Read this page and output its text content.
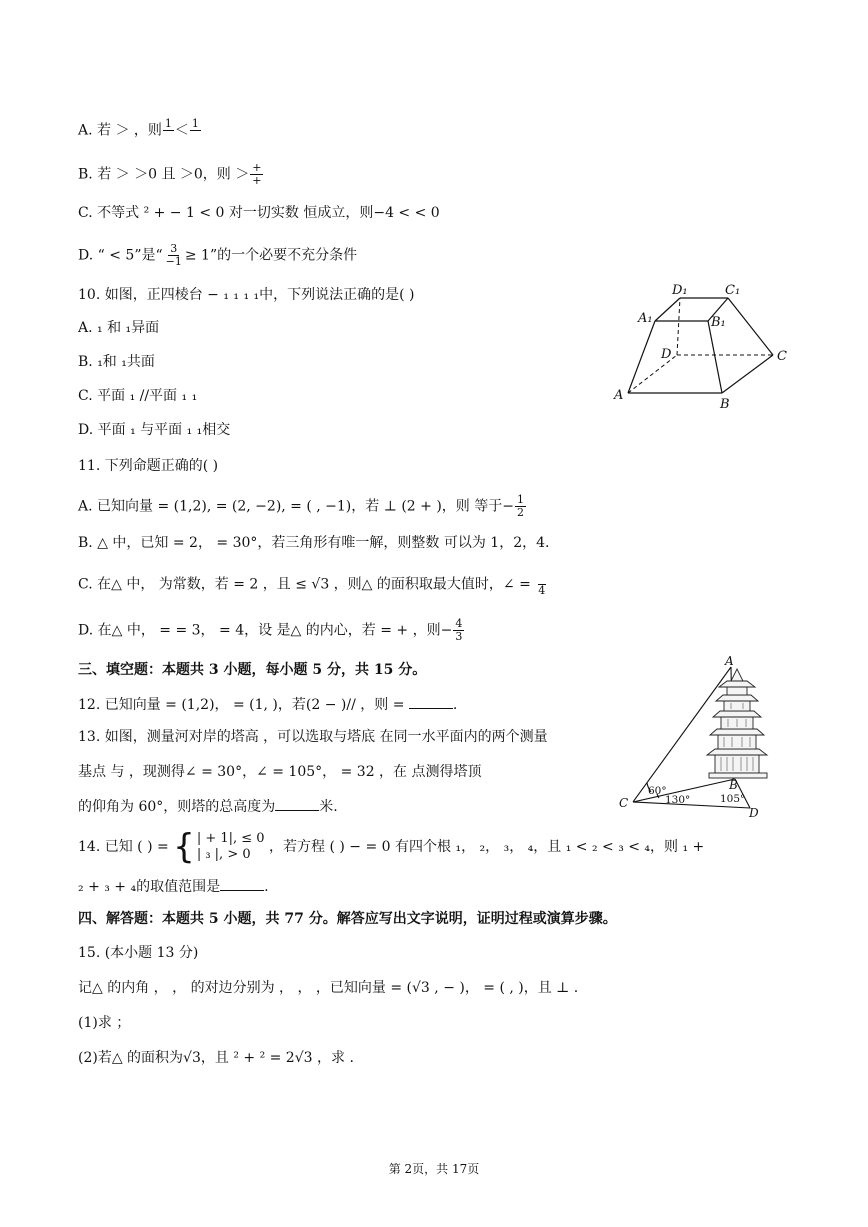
A. 若 ＞ ，则 1
＜ 1

B. 若 ＞ ＞0 且 ＞0，则 ＞ +
+
C. 不等式 ² + − 1 < 0 对一切实数 恒成立，则−4 < < 0
D. “ < 5”是“ $\frac{3}{-1} \ge 1$”的一个必要不充分条件
10. 如图，正四棱台 − ₁ ₁ ₁ ₁中，下列说法正确的是( )
A. ₁ 和 ₁异面
B. ₁和 ₁共面
C. 平面 ₁ //平面 ₁ ₁
D. 平面 ₁ 与平面 ₁ ₁相交
D₁	C₁
A₁	B₁
D	C
A
B
11. 下列命题正确的( )
A. 已知向量 = (1,2), = (2, −2), = ( , −1)，若 ⊥ (2 + )，则 等于− $\frac{1}{2}$
B. △ 中，已知 = 2， = 30°，若三角形有唯一解，则整数 可以为 1，2，4.
C. 在△ 中， 为常数，若 = 2 ，且 ≤ √3 ，则△ 的面积取最大值时，∠ =
4
D. 在△ 中， = = 3， = 4，设 是△ 的内心，若 = + ，则− $\frac{4}{3}$
三、填空题：本题共 3 小题，每小题 5 分，共 15 分。
12. 已知向量 = (1,2)， = (1, )，若(2 − )// ，则 =	.
13. 如图，测量河对岸的塔高 ，可以选取与塔底 在同一水平面内的两个测量
基点 与 ，现测得∠ = 30°，∠ = 105°， = 32 ，在 点测得塔顶
的仰角为 60°，则塔的总高度为	米.
A
B
C
D
60°
130°	105°
14. 已知 ( ) = { | + 1|, ≤ 0
| ₃ |, > 0 ，若方程 ( ) − = 0 有四个根 ₁， ₂， ₃， ₄，且 ₁ < ₂ < ₃ < ₄，则 ₁ +
₂ + ₃ + ₄的取值范围是	.
四、解答题：本题共 5 小题，共 77 分。解答应写出文字说明，证明过程或演算步骤。
15. (本小题 13 分)
记△ 的内角 ， ， 的对边分别为 ， ， ，已知向量 = (√3 , − )， = ( , )，且 ⊥ .
(1)求 ；
(2)若△ 的面积为√3，且 ² + ² = 2√3 ，求 .
第 2页，共 17页
